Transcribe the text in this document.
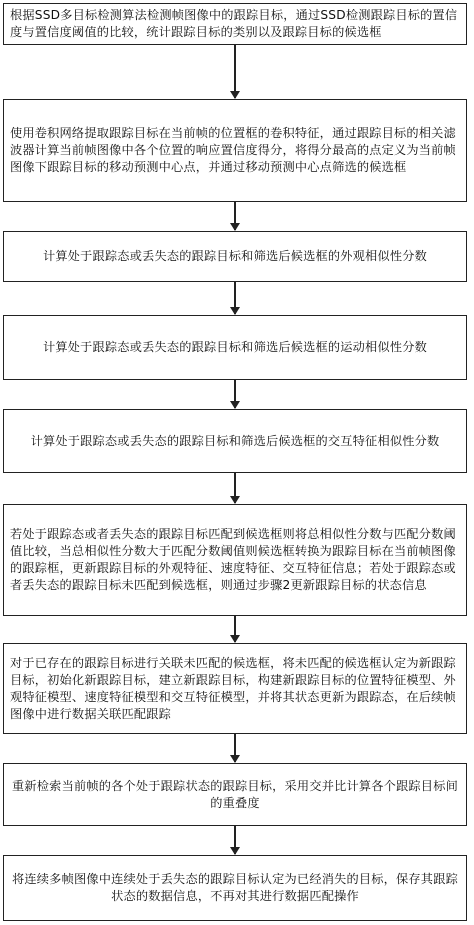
根据SSD多目标检测算法检测帧图像中的跟踪目标，通过SSD检测跟踪目标的置信度与置信度阈值的比较，统计跟踪目标的类别以及跟踪目标的候选框
使用卷积网络提取跟踪目标在当前帧的位置框的卷积特征，通过跟踪目标的相关滤波器计算当前帧图像中各个位置的响应置信度得分，将得分最高的点定义为当前帧图像下跟踪目标的移动预测中心点，并通过移动预测中心点筛选的候选框
计算处于跟踪态或丢失态的跟踪目标和筛选后候选框的外观相似性分数
计算处于跟踪态或丢失态的跟踪目标和筛选后候选框的运动相似性分数
计算处于跟踪态或丢失态的跟踪目标和筛选后候选框的交互特征相似性分数
若处于跟踪态或者丢失态的跟踪目标匹配到候选框则将总相似性分数与匹配分数阈值比较，当总相似性分数大于匹配分数阈值则候选框转换为跟踪目标在当前帧图像的跟踪框，更新跟踪目标的外观特征、速度特征、交互特征信息；若处于跟踪态或者丢失态的跟踪目标未匹配到候选框，则通过步骤2更新跟踪目标的状态信息
对于已存在的跟踪目标进行关联未匹配的候选框，将未匹配的候选框认定为新跟踪目标，初始化新跟踪目标，建立新跟踪目标，构建新跟踪目标的位置特征模型、外观特征模型、速度特征模型和交互特征模型，并将其状态更新为跟踪态，在后续帧图像中进行数据关联匹配跟踪
重新检索当前帧的各个处于跟踪状态的跟踪目标，采用交并比计算各个跟踪目标间的重叠度
将连续多帧图像中连续处于丢失态的跟踪目标认定为已经消失的目标，保存其跟踪状态的数据信息，不再对其进行数据匹配操作
